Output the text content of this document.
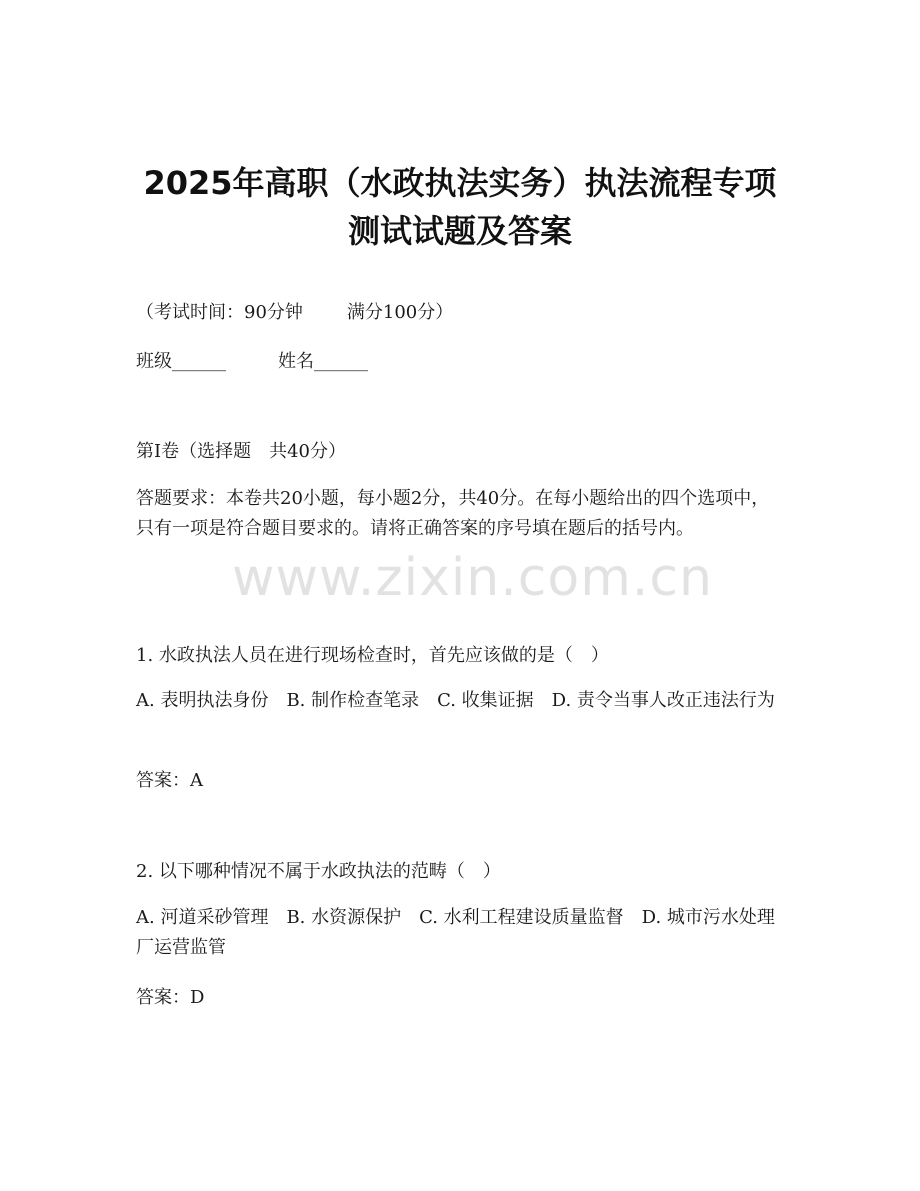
2025年高职（水政执法实务）执法流程专项
测试试题及答案
（考试时间：90分钟 满分100分）
班级______	姓名______
第Ⅰ卷（选择题　共40分）
答题要求：本卷共20小题，每小题2分，共40分。在每小题给出的四个选项中，只有一项是符合题目要求的。请将正确答案的序号填在题后的括号内。
www.zixin.com.cn
1. 水政执法人员在进行现场检查时，首先应该做的是（　）
A. 表明执法身份　B. 制作检查笔录　C. 收集证据　D. 责令当事人改正违法行为
答案：A
2. 以下哪种情况不属于水政执法的范畴（　）
A. 河道采砂管理　B. 水资源保护　C. 水利工程建设质量监督　D. 城市污水处理厂运营监管
答案：D
